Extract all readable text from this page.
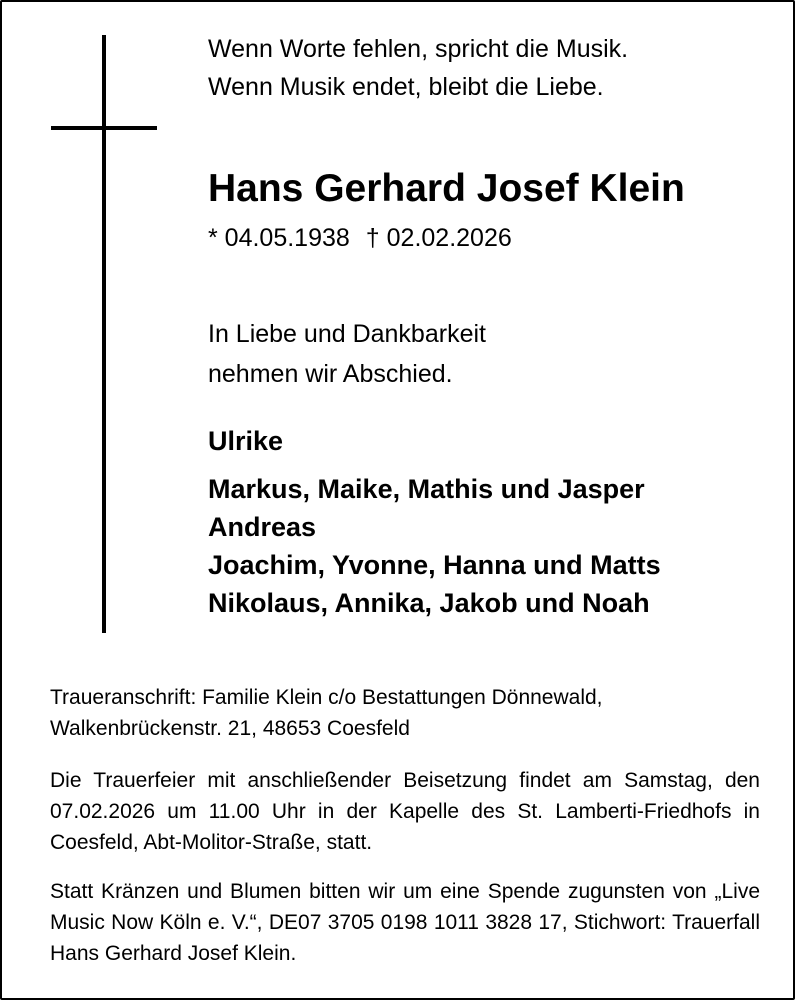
Wenn Worte fehlen, spricht die Musik.
Wenn Musik endet, bleibt die Liebe.
Hans Gerhard Josef Klein
* 04.05.1938 † 02.02.2026
In Liebe und Dankbarkeit
nehmen wir Abschied.
Ulrike
Markus, Maike, Mathis und Jasper
Andreas
Joachim, Yvonne, Hanna und Matts
Nikolaus, Annika, Jakob und Noah
Traueranschrift: Familie Klein c/o Bestattungen Dönnewald, Walkenbrückenstr. 21, 48653 Coesfeld
Die Trauerfeier mit anschließender Beisetzung findet am Samstag, den 07.02.2026 um 11.00 Uhr in der Kapelle des St. Lamberti-Friedhofs in Coesfeld, Abt-Molitor-Straße, statt.
Statt Kränzen und Blumen bitten wir um eine Spende zugunsten von „Live Music Now Köln e. V.“, DE07 3705 0198 1011 3828 17, Stichwort: Trauerfall Hans Gerhard Josef Klein.
